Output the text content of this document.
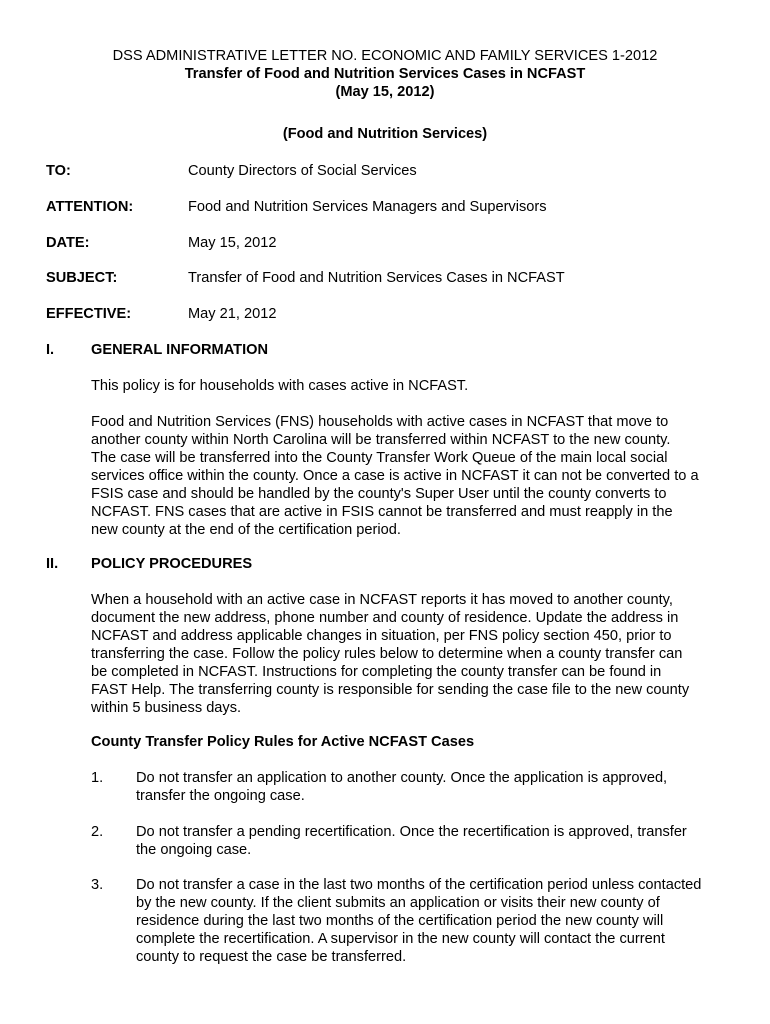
DSS ADMINISTRATIVE LETTER NO. ECONOMIC AND FAMILY SERVICES 1-2012
Transfer of Food and Nutrition Services Cases in NCFAST
(May 15, 2012)
(Food and Nutrition Services)
TO:	County Directors of Social Services
ATTENTION:	Food and Nutrition Services Managers and Supervisors
DATE:	May 15, 2012
SUBJECT:	Transfer of Food and Nutrition Services Cases in NCFAST
EFFECTIVE:	May 21, 2012
I.	GENERAL INFORMATION
This policy is for households with cases active in NCFAST.
Food and Nutrition Services (FNS) households with active cases in NCFAST that move to
another county within North Carolina will be transferred within NCFAST to the new county.
The case will be transferred into the County Transfer Work Queue of the main local social
services office within the county. Once a case is active in NCFAST it can not be converted to a
FSIS case and should be handled by the county's Super User until the county converts to
NCFAST. FNS cases that are active in FSIS cannot be transferred and must reapply in the
new county at the end of the certification period.
II. POLICY PROCEDURES
When a household with an active case in NCFAST reports it has moved to another county,
document the new address, phone number and county of residence. Update the address in
NCFAST and address applicable changes in situation, per FNS policy section 450, prior to
transferring the case. Follow the policy rules below to determine when a county transfer can
be completed in NCFAST. Instructions for completing the county transfer can be found in
FAST Help. The transferring county is responsible for sending the case file to the new county
within 5 business days.
County Transfer Policy Rules for Active NCFAST Cases
1. Do not transfer an application to another county. Once the application is approved,
transfer the ongoing case.
2. Do not transfer a pending recertification. Once the recertification is approved, transfer
the ongoing case.
3. Do not transfer a case in the last two months of the certification period unless contacted
by the new county. If the client submits an application or visits their new county of
residence during the last two months of the certification period the new county will
complete the recertification. A supervisor in the new county will contact the current
county to request the case be transferred.
